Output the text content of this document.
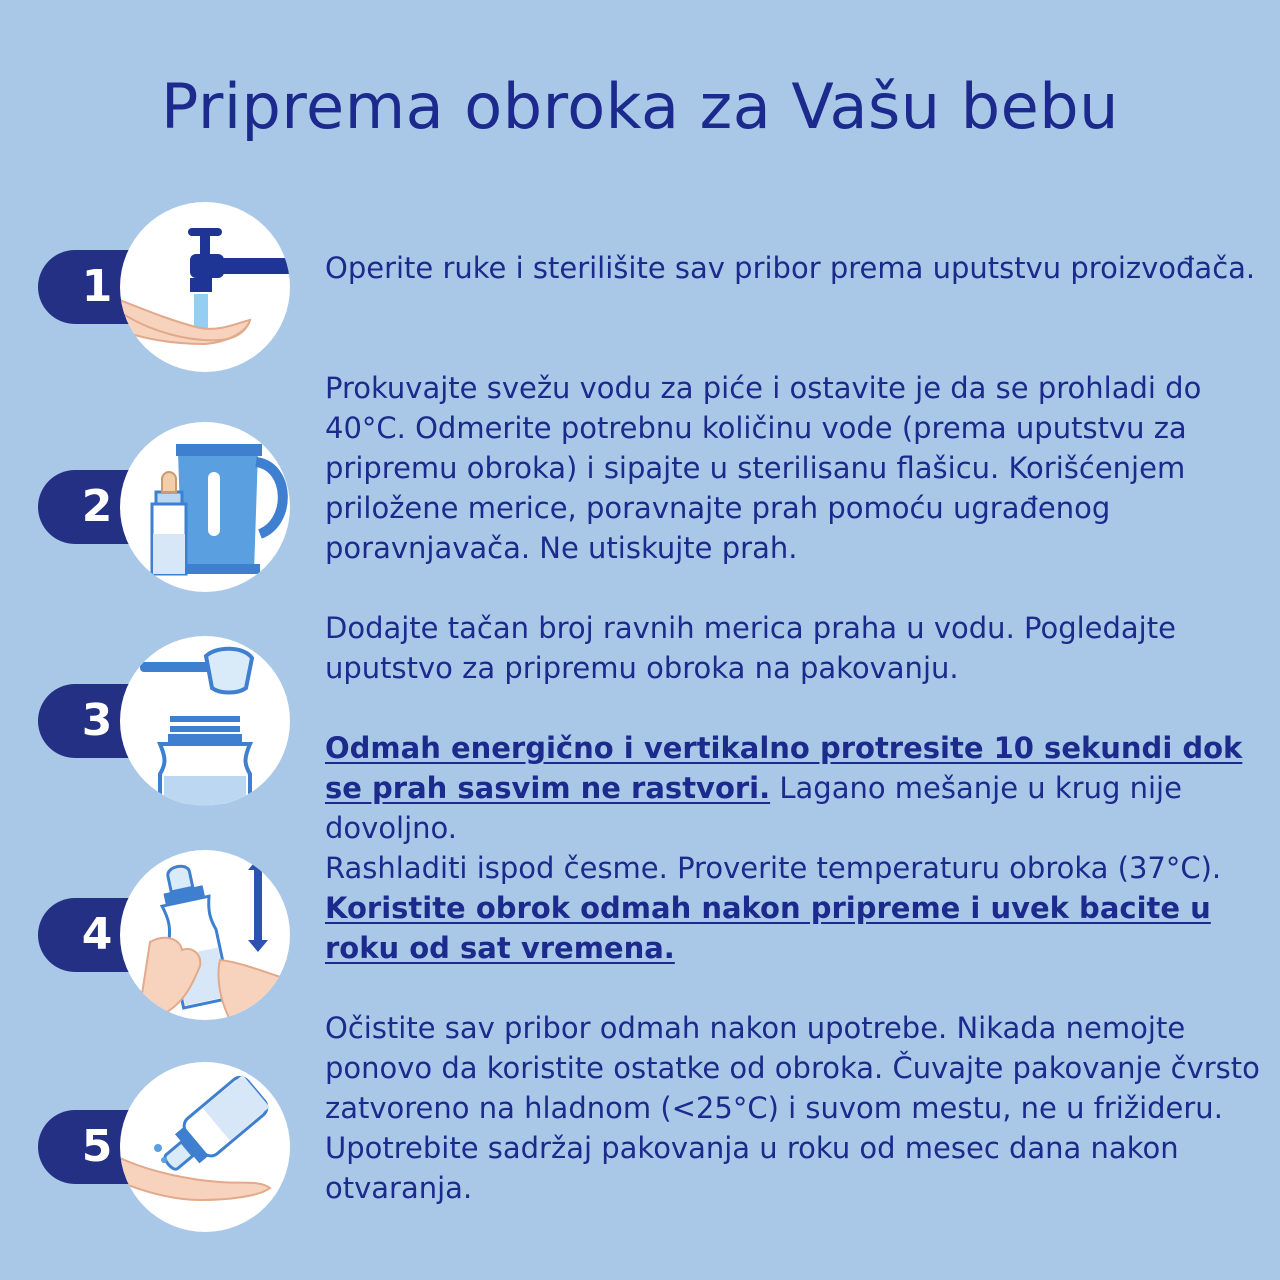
Priprema obroka za Vašu bebu
1
2
3
4
5

Operite ruke i sterilišite sav pribor prema uputstvu proizvođača.

Prokuvajte svežu vodu za piće i ostavite je da se prohladi do 40°C. Odmerite potrebnu količinu vode (prema uputstvu za pripremu obroka) i sipajte u sterilisanu flašicu. Korišćenjem priložene merice, poravnajte prah pomoću ugrađenog poravnjavača. Ne utiskujte prah.

Dodajte tačan broj ravnih merica praha u vodu. Pogledajte uputstvo za pripremu obroka na pakovanju.

Odmah energično i vertikalno protresite 10 sekundi dok se prah sasvim ne rastvori. Lagano mešanje u krug nije dovoljno.

Rashladiti ispod česme. Proverite temperaturu obroka (37°C). Koristite obrok odmah nakon pripreme i uvek bacite u roku od sat vremena.

Očistite sav pribor odmah nakon upotrebe. Nikada nemojte ponovo da koristite ostatke od obroka. Čuvajte pakovanje čvrsto zatvoreno na hladnom (<25°C) i suvom mestu, ne u frižideru. Upotrebite sadržaj pakovanja u roku od mesec dana nakon otvaranja.
